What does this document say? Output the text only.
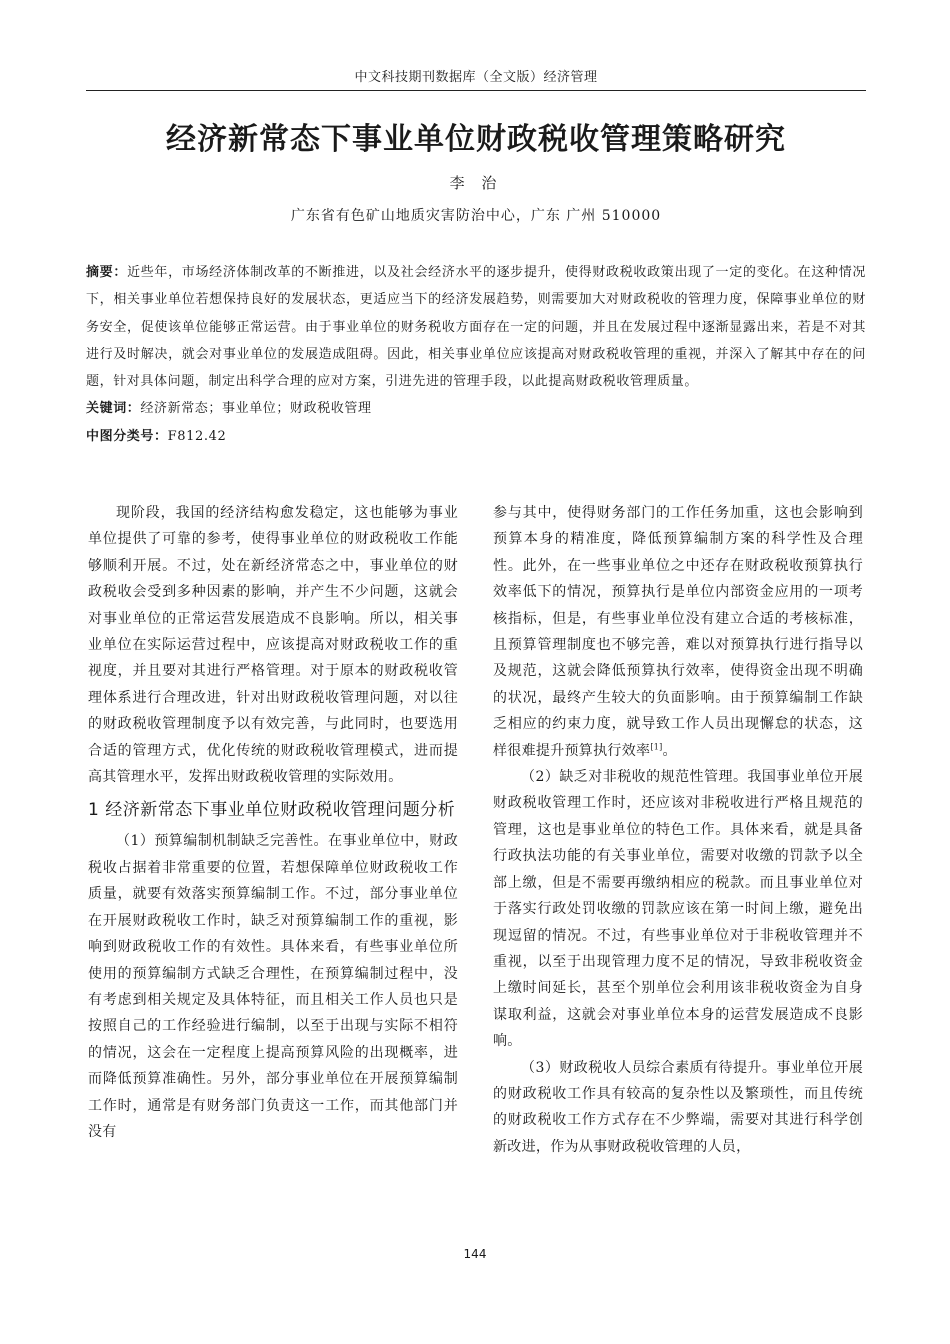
中文科技期刊数据库（全文版）经济管理
经济新常态下事业单位财政税收管理策略研究
李 治
广东省有色矿山地质灾害防治中心，广东 广州 510000

摘要：近些年，市场经济体制改革的不断推进，以及社会经济水平的逐步提升，使得财政税收政策出现了一定的变化。在这种情况下，相关事业单位若想保持良好的发展状态，更适应当下的经济发展趋势，则需要加大对财政税收的管理力度，保障事业单位的财务安全，促使该单位能够正常运营。由于事业单位的财务税收方面存在一定的问题，并且在发展过程中逐渐显露出来，若是不对其进行及时解决，就会对事业单位的发展造成阻碍。因此，相关事业单位应该提高对财政税收管理的重视，并深入了解其中存在的问题，针对具体问题，制定出科学合理的应对方案，引进先进的管理手段，以此提高财政税收管理质量。

关键词：经济新常态；事业单位；财政税收管理

中图分类号：F812.42

现阶段，我国的经济结构愈发稳定，这也能够为事业单位提供了可靠的参考，使得事业单位的财政税收工作能够顺利开展。不过，处在新经济常态之中，事业单位的财政税收会受到多种因素的影响，并产生不少问题，这就会对事业单位的正常运营发展造成不良影响。所以，相关事业单位在实际运营过程中，应该提高对财政税收工作的重视度，并且要对其进行严格管理。对于原本的财政税收管理体系进行合理改进，针对出财政税收管理问题，对以往的财政税收管理制度予以有效完善，与此同时，也要选用合适的管理方式，优化传统的财政税收管理模式，进而提高其管理水平，发挥出财政税收管理的实际效用。

1 经济新常态下事业单位财政税收管理问题分析

（1）预算编制机制缺乏完善性。在事业单位中，财政税收占据着非常重要的位置，若想保障单位财政税收工作质量，就要有效落实预算编制工作。不过，部分事业单位在开展财政税收工作时，缺乏对预算编制工作的重视，影响到财政税收工作的有效性。具体来看，有些事业单位所使用的预算编制方式缺乏合理性，在预算编制过程中，没有考虑到相关规定及具体特征，而且相关工作人员也只是按照自己的工作经验进行编制，以至于出现与实际不相符的情况，这会在一定程度上提高预算风险的出现概率，进而降低预算准确性。另外，部分事业单位在开展预算编制工作时，通常是有财务部门负责这一工作，而其他部门并没有

参与其中，使得财务部门的工作任务加重，这也会影响到预算本身的精准度，降低预算编制方案的科学性及合理性。此外，在一些事业单位之中还存在财政税收预算执行效率低下的情况，预算执行是单位内部资金应用的一项考核指标，但是，有些事业单位没有建立合适的考核标准，且预算管理制度也不够完善，难以对预算执行进行指导以及规范，这就会降低预算执行效率，使得资金出现不明确的状况，最终产生较大的负面影响。由于预算编制工作缺乏相应的约束力度，就导致工作人员出现懈怠的状态，这样很难提升预算执行效率[1]。

（2）缺乏对非税收的规范性管理。我国事业单位开展财政税收管理工作时，还应该对非税收进行严格且规范的管理，这也是事业单位的特色工作。具体来看，就是具备行政执法功能的有关事业单位，需要对收缴的罚款予以全部上缴，但是不需要再缴纳相应的税款。而且事业单位对于落实行政处罚收缴的罚款应该在第一时间上缴，避免出现逗留的情况。不过，有些事业单位对于非税收管理并不重视，以至于出现管理力度不足的情况，导致非税收资金上缴时间延长，甚至个别单位会利用该非税收资金为自身谋取利益，这就会对事业单位本身的运营发展造成不良影响。

（3）财政税收人员综合素质有待提升。事业单位开展的财政税收工作具有较高的复杂性以及繁琐性，而且传统的财政税收工作方式存在不少弊端，需要对其进行科学创新改进，作为从事财政税收管理的人员，

144
